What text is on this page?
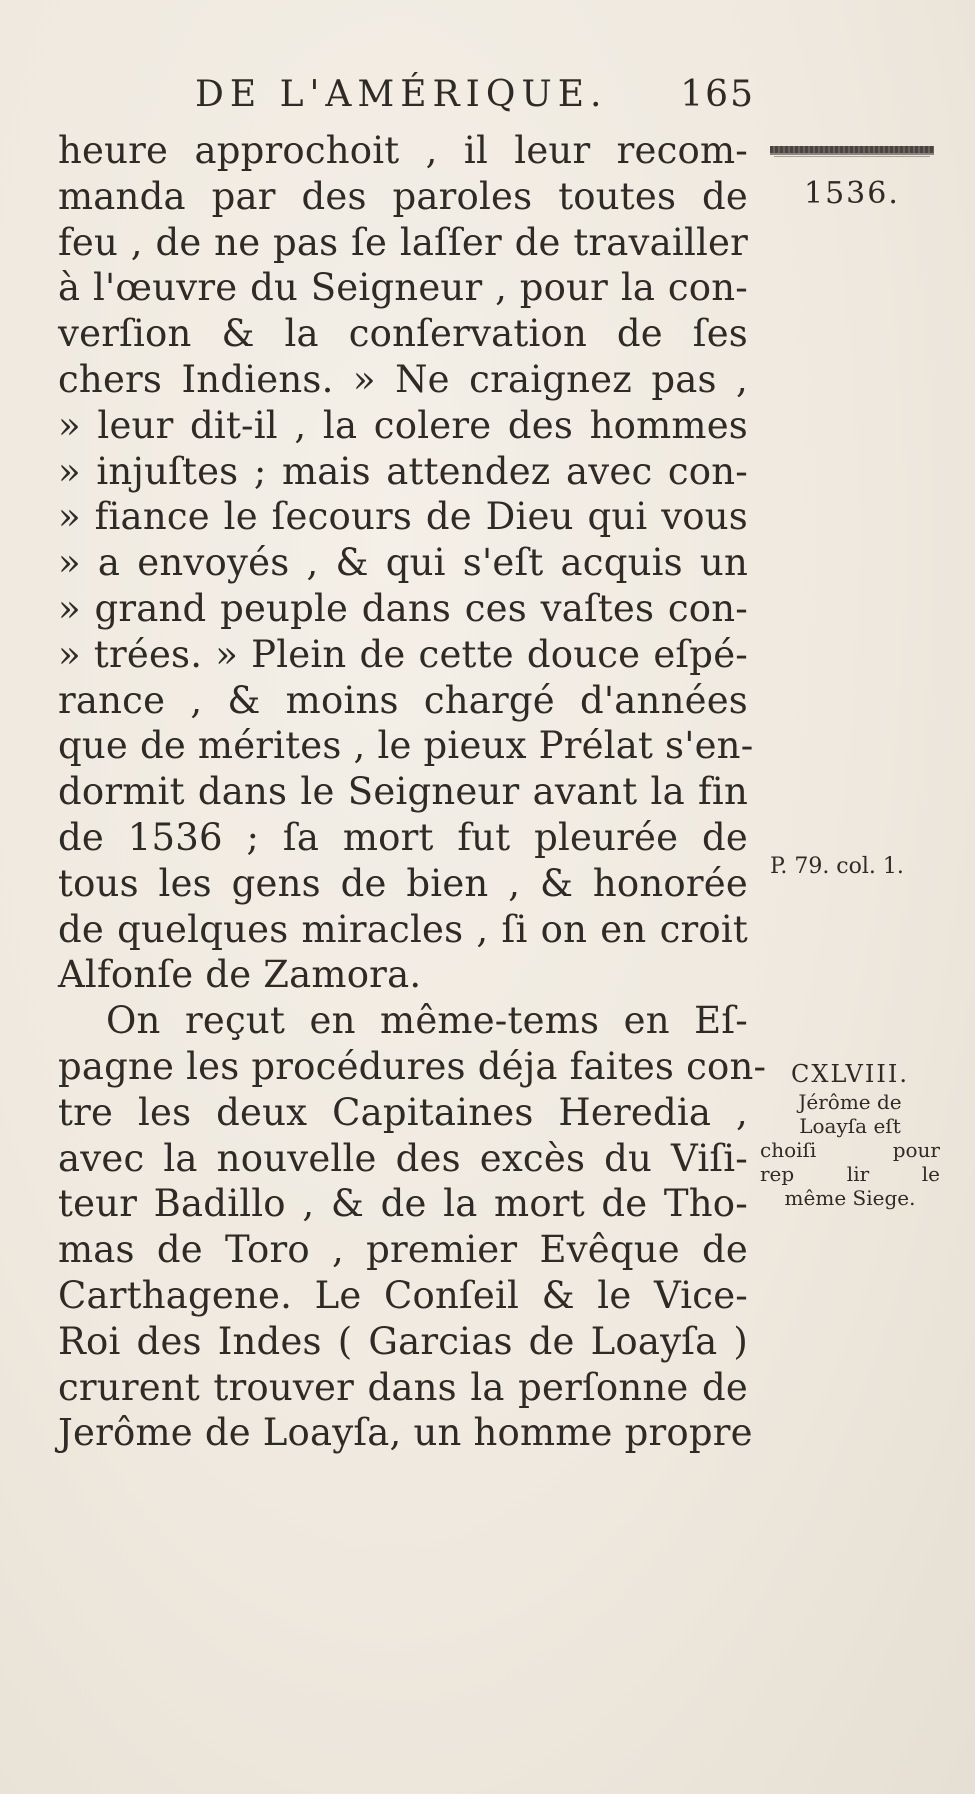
DE L'AMÉRIQUE. 165
1536.
heure approchoit , il leur recom-
manda par des paroles toutes de
feu , de ne pas ſe laſſer de travailler
à l'œuvre du Seigneur , pour la con-
verſion & la conſervation de ſes
chers Indiens. » Ne craignez pas ,
» leur dit-il , la colere des hommes
» injuſtes ; mais attendez avec con-
» fiance le ſecours de Dieu qui vous
» a envoyés , & qui s'eſt acquis un
» grand peuple dans ces vaſtes con-
» trées. » Plein de cette douce eſpé-
rance , & moins chargé d'années
que de mérites , le pieux Prélat s'en-
dormit dans le Seigneur avant la fin
de 1536 ; ſa mort fut pleurée de
tous les gens de bien , & honorée
de quelques miracles , ſi on en croit
Alfonſe de Zamora.
On reçut en même-tems en Eſ-
pagne les procédures déja faites con-
tre les deux Capitaines Heredia ,
avec la nouvelle des excès du Viſi-
teur Badillo , & de la mort de Tho-
mas de Toro , premier Evêque de
Carthagene. Le Conſeil & le Vice-
Roi des Indes ( Garcias de Loayſa )
crurent trouver dans la perſonne de
Jerôme de Loayſa, un homme propre
P. 79. col. 1.
CXLVIII.
Jérôme de
Loayſa eſt
choiſi pour
rep lir le
même Siege.
